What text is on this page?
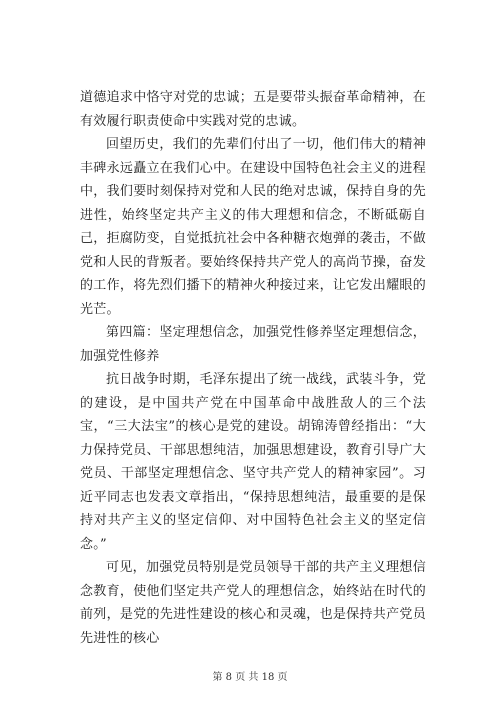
道德追求中恪守对党的忠诚；五是要带头振奋革命精神，在有效履行职责使命中实践对党的忠诚。

回望历史，我们的先辈们付出了一切，他们伟大的精神丰碑永远矗立在我们心中。在建设中国特色社会主义的进程中，我们要时刻保持对党和人民的绝对忠诚，保持自身的先进性，始终坚定共产主义的伟大理想和信念，不断砥砺自己，拒腐防变，自觉抵抗社会中各种糖衣炮弹的袭击，不做党和人民的背叛者。要始终保持共产党人的高尚节操，奋发的工作，将先烈们播下的精神火种接过来，让它发出耀眼的光芒。

第四篇：坚定理想信念，加强党性修养坚定理想信念，加强党性修养

抗日战争时期，毛泽东提出了统一战线，武装斗争，党的建设，是中国共产党在中国革命中战胜敌人的三个法宝，“三大法宝”的核心是党的建设。胡锦涛曾经指出：“大力保持党员、干部思想纯洁，加强思想建设，教育引导广大党员、干部坚定理想信念、坚守共产党人的精神家园”。习近平同志也发表文章指出，“保持思想纯洁，最重要的是保持对共产主义的坚定信仰、对中国特色社会主义的坚定信念。”

可见，加强党员特别是党员领导干部的共产主义理想信念教育，使他们坚定共产党人的理想信念，始终站在时代的前列，是党的先进性建设的核心和灵魂，也是保持共产党员先进性的核心

第 8 页 共 18 页
